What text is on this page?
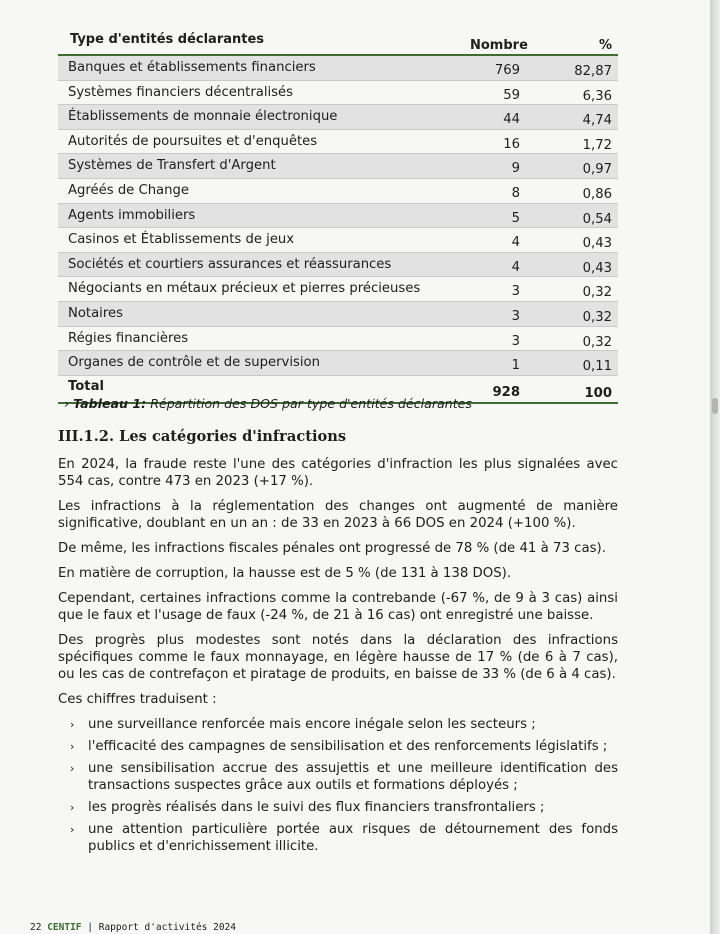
Type d'entités déclarantes	Nombre	%
Banques et établissements financiers	769	82,87
Systèmes financiers décentralisés	59	6,36
Établissements de monnaie électronique	44	4,74
Autorités de poursuites et d'enquêtes	16	1,72
Systèmes de Transfert d'Argent	9	0,97
Agréés de Change	8	0,86
Agents immobiliers	5	0,54
Casinos et Établissements de jeux	4	0,43
Sociétés et courtiers assurances et réassurances	4	0,43
Négociants en métaux précieux et pierres précieuses	3	0,32
Notaires	3	0,32
Régies financières	3	0,32
Organes de contrôle et de supervision	1	0,11
Total	928	100
› Tableau 1: Répartition des DOS par type d'entités déclarantes
III.1.2. Les catégories d'infractions

En 2024, la fraude reste l'une des catégories d'infraction les plus signalées avec 554 cas, contre 473 en 2023 (+17 %).

Les infractions à la réglementation des changes ont augmenté de manière significative, doublant en un an : de 33 en 2023 à 66 DOS en 2024 (+100 %).

De même, les infractions fiscales pénales ont progressé de 78 % (de 41 à 73 cas).

En matière de corruption, la hausse est de 5 % (de 131 à 138 DOS).

Cependant, certaines infractions comme la contrebande (-67 %, de 9 à 3 cas) ainsi que le faux et l'usage de faux (-24 %, de 21 à 16 cas) ont enregistré une baisse.

Des progrès plus modestes sont notés dans la déclaration des infractions spécifiques comme le faux monnayage, en légère hausse de 17 % (de 6 à 7 cas), ou les cas de contrefaçon et piratage de produits, en baisse de 33 % (de 6 à 4 cas).

Ces chiffres traduisent :

› une surveillance renforcée mais encore inégale selon les secteurs ;
› l'efficacité des campagnes de sensibilisation et des renforcements législatifs ;
› une sensibilisation accrue des assujettis et une meilleure identification des transactions suspectes grâce aux outils et formations déployés ;
› les progrès réalisés dans le suivi des flux financiers transfrontaliers ;
› une attention particulière portée aux risques de détournement des fonds publics et d'enrichissement illicite.
22 CENTIF | Rapport d'activités 2024
